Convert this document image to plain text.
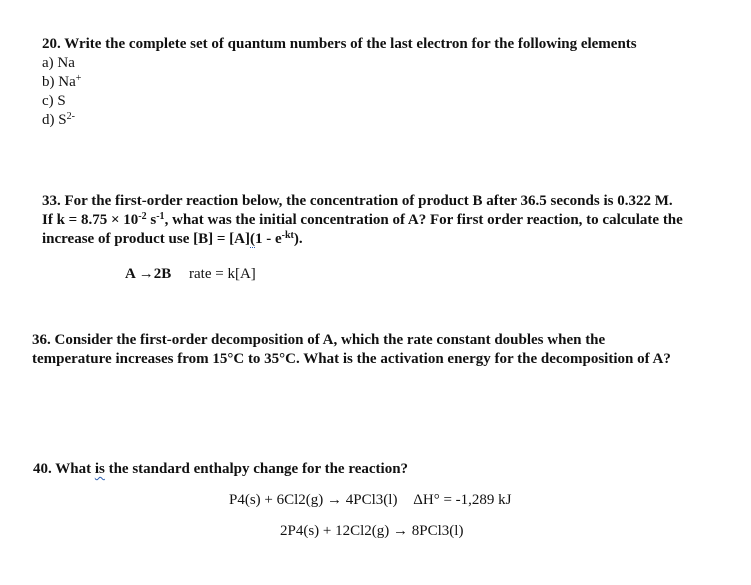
20. Write the complete set of quantum numbers of the last electron for the following elements
a) Na
b) Na+
c) S
d) $S^{2-}$
33. For the first-order reaction below, the concentration of product B after 36.5 seconds is 0.322 M.
If $k = 8.75 \times 10^{-2}$ $s^{-1}$, what was the initial concentration of A? For first order reaction, to calculate the
increase of product use $[B] = [A](1 - e^{-kt})$.
A →2B rate = k[A]
36. Consider the first-order decomposition of A, which the rate constant doubles when the
temperature increases from 15°C to 35°C. What is the activation energy for the decomposition of A?
40. What is the standard enthalpy change for the reaction?
P4(s) + 6Cl2(g) → 4PCl3(l) ΔH° = -1,289 kJ
2P4(s) + 12Cl2(g) → 8PCl3(l)
